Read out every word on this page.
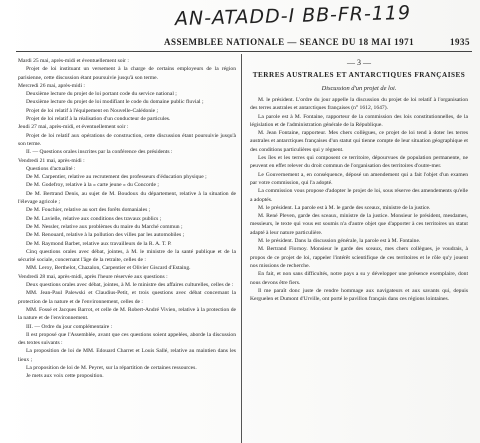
AN-ATADD-I BB-FR-119
ASSEMBLEE NATIONALE — SEANCE DU 18 MAI 1971	1935

Mardi 25 mai, après-midi et éventuellement soir :

Projet de loi instituant un versement à la charge de certains employeurs de la région parisienne, cette discussion étant poursuivie jusqu'à son terme.

Mercredi 26 mai, après-midi :

Deuxième lecture du projet de loi portant code du service national ;

Deuxième lecture du projet de loi modifiant le code du domaine public fluvial ;

Projet de loi relatif à l'équipement en Nouvelle-Calédonie ;

Projet de loi relatif à la réalisation d'un conducteur de particules.

Jeudi 27 mai, après-midi, et éventuellement soir :

Projet de loi relatif aux opérations de construction, cette discussion étant poursuivie jusqu'à son terme.

II. — Questions orales inscrites par la conférence des présidents :

Vendredi 21 mai, après-midi :

Questions d'actualité :

De M. Carpentier, relative au recrutement des professeurs d'éducation physique ;

De M. Godefroy, relative à la « carte jeune » du Concorde ;

De M. Bertrand Denis, au sujet de M. Boudoux du département, relative à la situation de l'élevage agricole ;

De M. Fouchier, relative au sort des forêts domaniales ;

De M. Lavielle, relative aux conditions des travaux publics ;

De M. Nessler, relative aux problèmes du maire du Marché commun ;

De M. Renouard, relative à la pollution des villes par les automobiles ;

De M. Raymond Barbet, relative aux travailleurs de la R. A. T. P.

Cinq questions orales avec débat, jointes, à M. le ministre de la santé publique et de la sécurité sociale, concernant l'âge de la retraite, celles de :

MM. Leroy, Berthelot, Chazalon, Carpentier et Olivier Giscard d'Estaing.

Vendredi 28 mai, après-midi, après l'heure réservée aux questions :

Deux questions orales avec débat, jointes, à M. le ministre des affaires culturelles, celles de :

MM. Jean-Paul Palewski et Claudius-Petit, et trois questions avec débat concernant la protection de la nature et de l'environnement, celles de :

MM. Fossé et Jacques Barrot, et celle de M. Robert-André Vivien, relative à la protection de la nature et de l'environnement.

III. — Ordre du jour complémentaire :

Il est proposé que l'Assemblée, avant que ces questions soient appelées, aborde la discussion des textes suivants :

La proposition de loi de MM. Edouard Charret et Louis Sallé, relative au maintien dans les lieux ;

La proposition de loi de M. Peyret, sur la répartition de certaines ressources.

Je mets aux voix cette proposition.

— 3 —
TERRES AUSTRALES ET ANTARCTIQUES FRANÇAISES
Discussion d'un projet de loi.

M. le président. L'ordre du jour appelle la discussion du projet de loi relatif à l'organisation des terres australes et antarctiques françaises (n° 1612, 1647).

La parole est à M. Fontaine, rapporteur de la commission des lois constitutionnelles, de la législation et de l'administration générale de la République.

M. Jean Fontaine, rapporteur. Mes chers collègues, ce projet de loi tend à doter les terres australes et antarctiques françaises d'un statut qui tienne compte de leur situation géographique et des conditions particulières qui y règnent.

Les îles et les terres qui composent ce territoire, dépourvues de population permanente, ne peuvent en effet relever du droit commun de l'organisation des territoires d'outre-mer.

Le Gouvernement a, en conséquence, déposé un amendement qui a fait l'objet d'un examen par votre commission, qui l'a adopté.

La commission vous propose d'adopter le projet de loi, sous réserve des amendements qu'elle a adoptés.

M. le président. La parole est à M. le garde des sceaux, ministre de la justice.

M. René Pleven, garde des sceaux, ministre de la justice. Monsieur le président, mesdames, messieurs, le texte qui vous est soumis n'a d'autre objet que d'apporter à ces territoires un statut adapté à leur nature particulière.

M. le président. Dans la discussion générale, la parole est à M. Fontaine.

M. Bertrand Flornoy. Monsieur le garde des sceaux, mes chers collègues, je voudrais, à propos de ce projet de loi, rappeler l'intérêt scientifique de ces territoires et le rôle qu'y jouent nos missions de recherche.

En fait, et non sans difficultés, notre pays a su y développer une présence exemplaire, dont nous devons être fiers.

Il me paraît donc juste de rendre hommage aux navigateurs et aux savants qui, depuis Kerguelen et Dumont d'Urville, ont porté le pavillon français dans ces régions lointaines.
